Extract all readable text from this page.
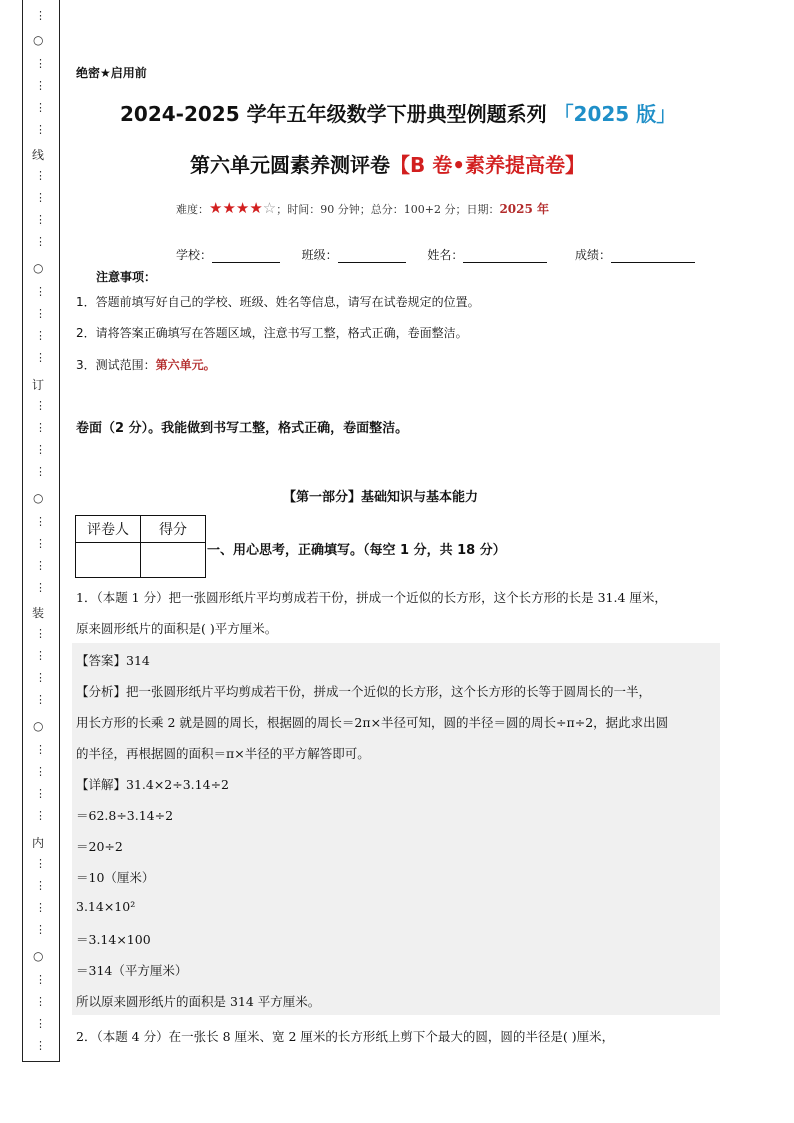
⋮
○
⋮
⋮
⋮
⋮
线
⋮
⋮
⋮
⋮
○
⋮
⋮
⋮
⋮
订
⋮
⋮
⋮
⋮
○
⋮
⋮
⋮
⋮
装
⋮
⋮
⋮
⋮
○
⋮
⋮
⋮
⋮
内
⋮
⋮
⋮
⋮
○
⋮
⋮
⋮
⋮
绝密★启用前
2024-2025 学年五年级数学下册典型例题系列 「2025 版」
第六单元圆素养测评卷【B 卷•素养提高卷】
难度：★★★★☆；时间：90 分钟；总分：100+2 分；日期：2025 年
学校：	班级：	姓名：	成绩：
注意事项：
1．答题前填写好自己的学校、班级、姓名等信息，请写在试卷规定的位置。
2．请将答案正确填写在答题区域，注意书写工整，格式正确，卷面整洁。
3．测试范围：第六单元。
卷面（2 分）。我能做到书写工整，格式正确，卷面整洁。
【第一部分】基础知识与基本能力
评卷人	得分

一、用心思考，正确填写。（每空 1 分，共 18 分）
1．（本题 1 分）把一张圆形纸片平均剪成若干份，拼成一个近似的长方形，这个长方形的长是 31.4 厘米，
原来圆形纸片的面积是( )平方厘米。
【答案】314
【分析】把一张圆形纸片平均剪成若干份，拼成一个近似的长方形，这个长方形的长等于圆周长的一半，
用长方形的长乘 2 就是圆的周长，根据圆的周长＝2π×半径可知，圆的半径＝圆的周长÷π÷2，据此求出圆
的半径，再根据圆的面积＝π×半径的平方解答即可。
【详解】31.4×2÷3.14÷2
＝62.8÷3.14÷2
＝20÷2
＝10（厘米）
3.14×10²
＝3.14×100
＝314（平方厘米）
所以原来圆形纸片的面积是 314 平方厘米。
2．（本题 4 分）在一张长 8 厘米、宽 2 厘米的长方形纸上剪下个最大的圆，圆的半径是( )厘米，
